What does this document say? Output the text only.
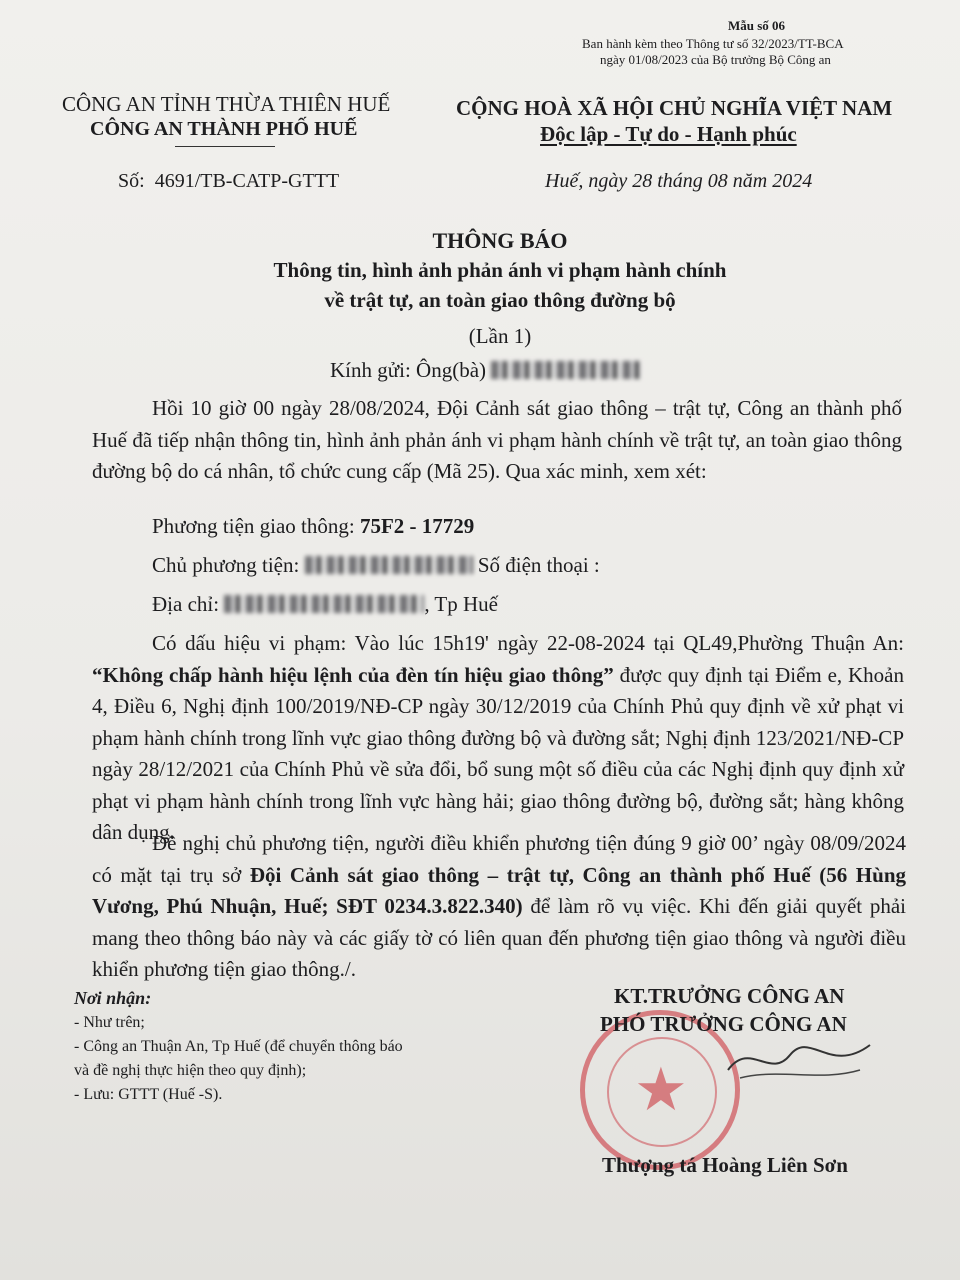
Mẫu số 06
Ban hành kèm theo Thông tư số 32/2023/TT-BCA
ngày 01/08/2023 của Bộ trưởng Bộ Công an
CÔNG AN TỈNH THỪA THIÊN HUẾ
CÔNG AN THÀNH PHỐ HUẾ
CỘNG HOÀ XÃ HỘI CHỦ NGHĨA VIỆT NAM
Độc lập - Tự do - Hạnh phúc
Số: 4691/TB-CATP-GTTT	Huế, ngày 28 tháng 08 năm 2024
THÔNG BÁO
Thông tin, hình ảnh phản ánh vi phạm hành chính
về trật tự, an toàn giao thông đường bộ
(Lần 1)
Kính gửi: Ông(bà)
Hồi 10 giờ 00 ngày 28/08/2024, Đội Cảnh sát giao thông – trật tự, Công an thành phố Huế đã tiếp nhận thông tin, hình ảnh phản ánh vi phạm hành chính về trật tự, an toàn giao thông đường bộ do cá nhân, tổ chức cung cấp (Mã 25). Qua xác minh, xem xét:
Phương tiện giao thông: 75F2 - 17729
Chủ phương tiện:	Số điện thoại :
Địa chỉ:	, Tp Huế
Có dấu hiệu vi phạm: Vào lúc 15h19' ngày 22-08-2024 tại QL49,Phường Thuận An: “Không chấp hành hiệu lệnh của đèn tín hiệu giao thông” được quy định tại Điểm e, Khoản 4, Điều 6, Nghị định 100/2019/NĐ-CP ngày 30/12/2019 của Chính Phủ quy định về xử phạt vi phạm hành chính trong lĩnh vực giao thông đường bộ và đường sắt; Nghị định 123/2021/NĐ-CP ngày 28/12/2021 của Chính Phủ về sửa đổi, bổ sung một số điều của các Nghị định quy định xử phạt vi phạm hành chính trong lĩnh vực hàng hải; giao thông đường bộ, đường sắt; hàng không dân dụng.
Đề nghị chủ phương tiện, người điều khiển phương tiện đúng 9 giờ 00’ ngày 08/09/2024 có mặt tại trụ sở Đội Cảnh sát giao thông – trật tự, Công an thành phố Huế (56 Hùng Vương, Phú Nhuận, Huế; SĐT 0234.3.822.340) để làm rõ vụ việc. Khi đến giải quyết phải mang theo thông báo này và các giấy tờ có liên quan đến phương tiện giao thông và người điều khiển phương tiện giao thông./.
Nơi nhận:
- Như trên;
- Công an Thuận An, Tp Huế (để chuyển thông báo
và đề nghị thực hiện theo quy định);
- Lưu: GTTT (Huế -S).	★
KT.TRƯỞNG CÔNG AN
PHÓ TRƯỞNG CÔNG AN
Thượng tá Hoàng Liên Sơn
